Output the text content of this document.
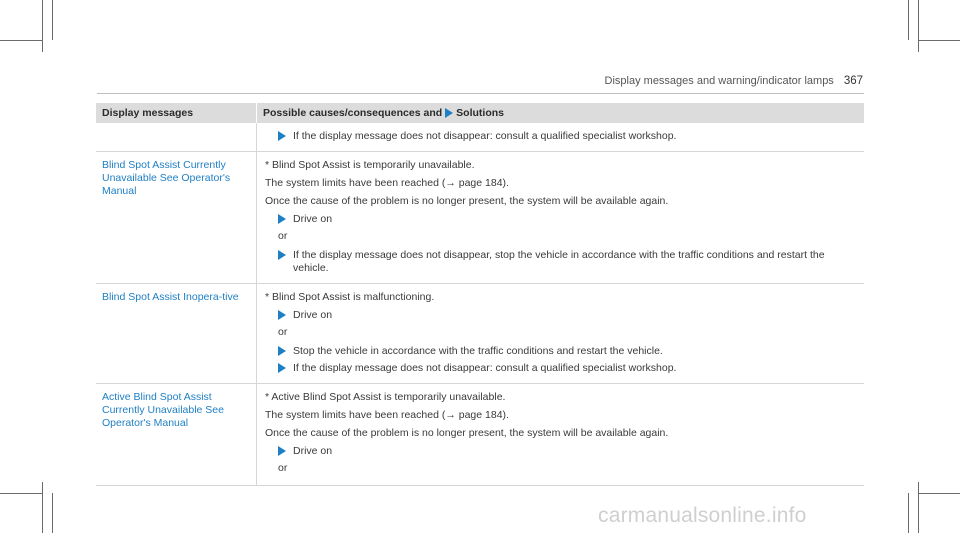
Display messages and warning/indicator lamps 367
Display messages	Possible causes/consequences and Solutions
If the display message does not disappear: consult a qualified specialist workshop.
Blind Spot Assist Currently Unavailable See Operator's Manual
* Blind Spot Assist is temporarily unavailable.
The system limits have been reached (→ page 184).
Once the cause of the problem is no longer present, the system will be available again.
Drive on
or
If the display message does not disappear, stop the vehicle in accordance with the traffic conditions and restart the vehicle.
Blind Spot Assist Inopera-tive	* Blind Spot Assist is malfunctioning.
Drive on
or
Stop the vehicle in accordance with the traffic conditions and restart the vehicle.
If the display message does not disappear: consult a qualified specialist workshop.
Active Blind Spot Assist Currently Unavailable See Operator's Manual
* Active Blind Spot Assist is temporarily unavailable.
The system limits have been reached (→ page 184).
Once the cause of the problem is no longer present, the system will be available again.
Drive on
or
carmanualsonline.info
